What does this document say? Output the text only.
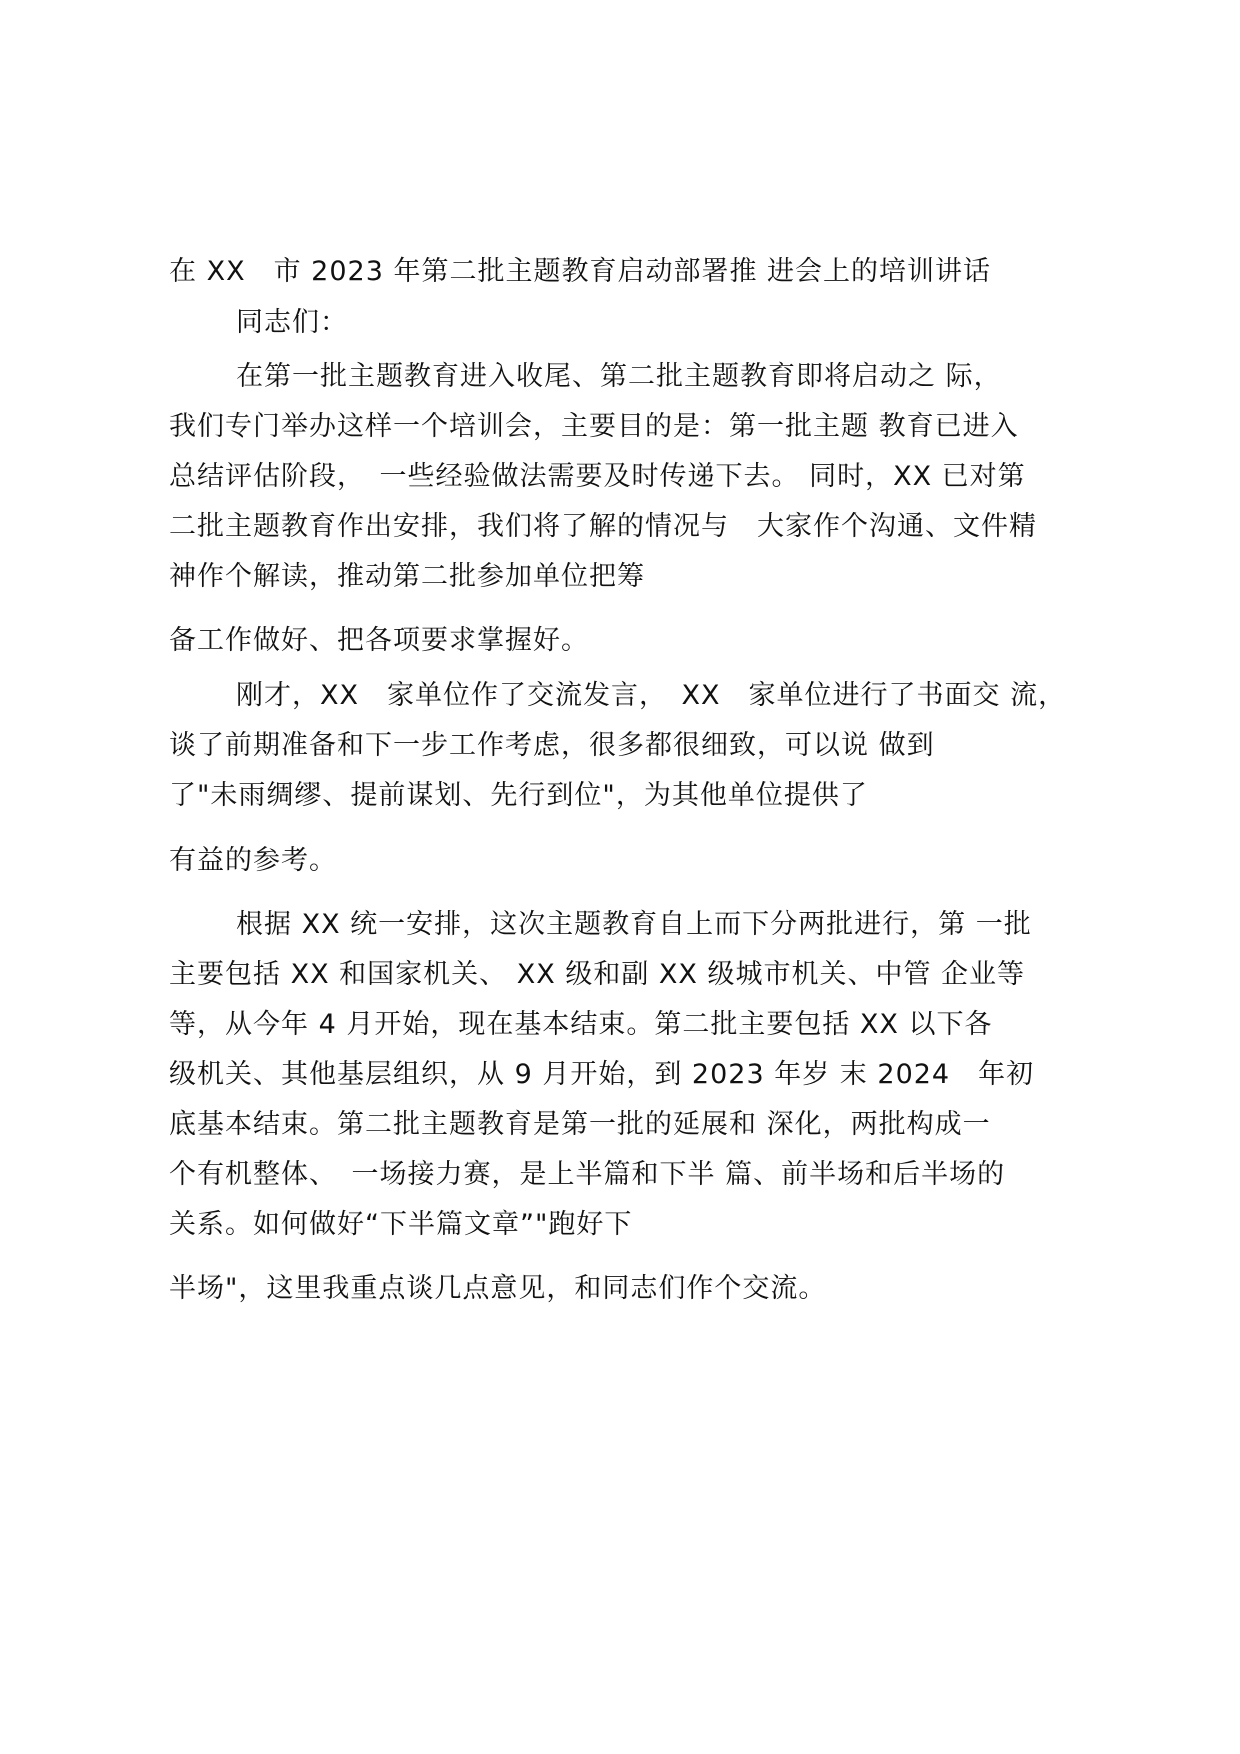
在 XX　市 2023 年第二批主题教育启动部署推 进会上的培训讲话

同志们：

在第一批主题教育进入收尾、第二批主题教育即将启动之 际，

我们专门举办这样一个培训会，主要目的是：第一批主题 教育已进入

总结评估阶段，　一些经验做法需要及时传递下去。 同时，XX 已对第

二批主题教育作出安排，我们将了解的情况与　大家作个沟通、文件精

神作个解读，推动第二批参加单位把筹

备工作做好、把各项要求掌握好。

刚才，XX　家单位作了交流发言，　XX　家单位进行了书面交 流，

谈了前期准备和下一步工作考虑，很多都很细致，可以说 做到

了"未雨绸缪、提前谋划、先行到位"，为其他单位提供了

有益的参考。

根据 XX 统一安排，这次主题教育自上而下分两批进行，第 一批

主要包括 XX 和国家机关、 XX 级和副 XX 级城市机关、中管 企业等

等，从今年 4 月开始，现在基本结束。第二批主要包括 XX 以下各

级机关、其他基层组织，从 9 月开始，到 2023 年岁 末 2024　年初

底基本结束。第二批主题教育是第一批的延展和 深化，两批构成一

个有机整体、　一场接力赛，是上半篇和下半 篇、前半场和后半场的

关系。如何做好“下半篇文章”"跑好下

半场"，这里我重点谈几点意见，和同志们作个交流。
